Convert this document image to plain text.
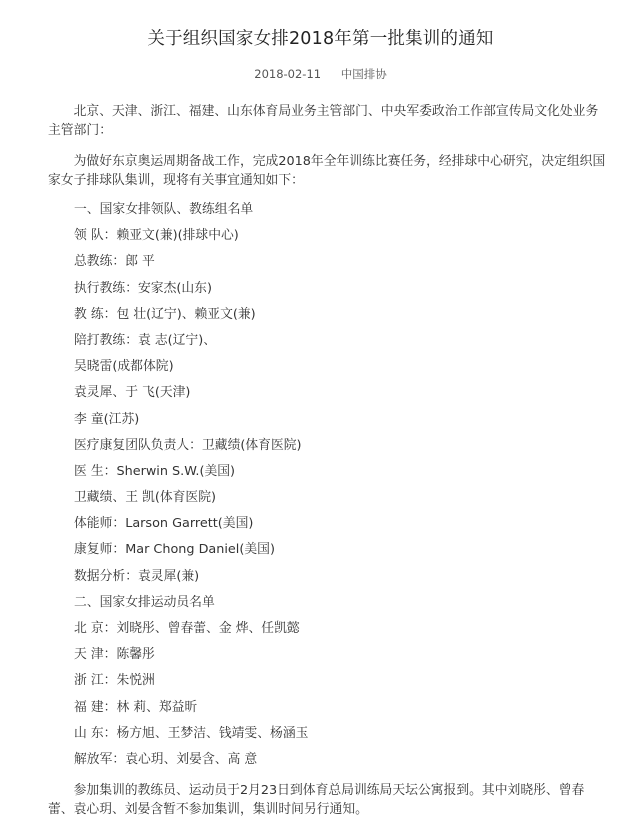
关于组织国家女排2018年第一批集训的通知
2018-02-11 中国排协

北京、天津、浙江、福建、山东体育局业务主管部门、中央军委政治工作部宣传局文化处业务主管部门：

为做好东京奥运周期备战工作，完成2018年全年训练比赛任务，经排球中心研究，决定组织国家女子排球队集训，现将有关事宜通知如下：

一、国家女排领队、教练组名单

领 队：赖亚文(兼)(排球中心)

总教练：郎 平

执行教练：安家杰(山东)

教 练：包 壮(辽宁)、赖亚文(兼)

陪打教练：袁 志(辽宁)、

吴晓雷(成都体院)

袁灵犀、于 飞(天津)

李 童(江苏)

医疗康复团队负责人：卫藏绩(体育医院)

医 生：Sherwin S.W.(美国)

卫藏绩、王 凯(体育医院)

体能师：Larson Garrett(美国)

康复师：Mar Chong Daniel(美国)

数据分析：袁灵犀(兼)

二、国家女排运动员名单

北 京：刘晓彤、曾春蕾、金 烨、任凯懿

天 津：陈馨彤

浙 江：朱悦洲

福 建：林 莉、郑益昕

山 东：杨方旭、王梦洁、钱靖雯、杨涵玉

解放军：袁心玥、刘晏含、高 意

参加集训的教练员、运动员于2月23日到体育总局训练局天坛公寓报到。其中刘晓彤、曾春蕾、袁心玥、刘晏含暂不参加集训，集训时间另行通知。
